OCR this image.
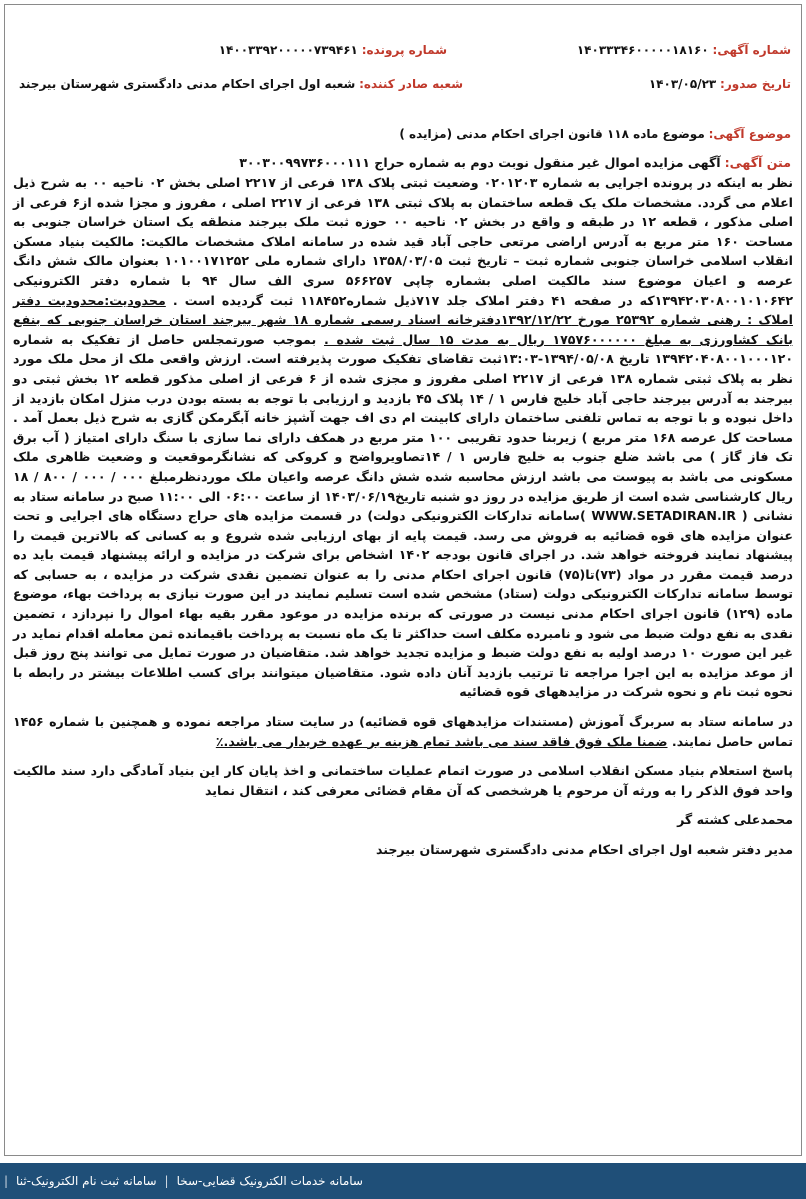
شماره آگهی: ۱۴۰۳۳۳۴۶۰۰۰۰۰۱۸۱۶۰
شماره پرونده: ۱۴۰۰۳۳۹۲۰۰۰۰۰۷۳۹۴۶۱
تاریخ صدور: ۱۴۰۳/۰۵/۲۳
شعبه صادر کننده: شعبه اول اجرای احکام مدنی دادگستری شهرستان بیرجند
موضوع آگهی: موضوع ماده ۱۱۸ قانون اجرای احکام مدنی (مزایده )
متن آگهی: آگهی مزایده اموال غیر منقول نوبت دوم به شماره حراج ۳۰۰۳۰۰۹۹۷۳۶۰۰۰۱۱۱

نظر به اینکه در پرونده اجرایی به شماره ۰۲۰۱۲۰۳ وضعیت ثبتی پلاک ۱۳۸ فرعی از ۲۲۱۷ اصلی بخش ۰۲ ناحیه ۰۰ به شرح ذیل اعلام می گردد. مشخصات ملک یک قطعه ساختمان به پلاک ثبتی ۱۳۸ فرعی از ۲۲۱۷ اصلی ، مفروز و مجزا شده از۶ فرعی از اصلی مذکور ، قطعه ۱۲ در طبقه و واقع در بخش ۰۲ ناحیه ۰۰ حوزه ثبت ملک بیرجند منطقه یک استان خراسان جنوبی به مساحت ۱۶۰ متر مربع به آدرس اراضی مرتعی حاجی آباد قید شده در سامانه املاک مشخصات مالکیت: مالکیت بنیاد مسکن انقلاب اسلامی خراسان جنوبی شماره ثبت – تاریخ ثبت ۱۳۵۸/۰۳/۰۵ دارای شماره ملی ۱۰۱۰۰۱۷۱۲۵۲ بعنوان مالک شش دانگ عرصه و اعیان موضوع سند مالکیت اصلی بشماره چاپی ۵۶۶۲۵۷ سری الف سال ۹۴ با شماره دفتر الکترونیکی ۱۳۹۴۲۰۳۰۸۰۰۱۰۱۰۶۴۲که در صفحه ۴۱ دفتر املاک جلد ۷۱۷ذیل شماره۱۱۸۴۵۲ ثبت گردیده است . محدودیت:محدودیت دفتر املاک : رهنی شماره ۲۵۳۹۲ مورخ ۱۳۹۲/۱۲/۲۲دفترخانه اسناد رسمی شماره ۱۸ شهر بیرجند استان خراسان جنوبی که بنفع بانک کشاورزی به مبلغ ۱۷۵۷۶۰۰۰۰۰۰ ریال به مدت ۱۵ سال ثبت شده . بموجب صورتمجلس حاصل از تفکیک به شماره ۱۳۹۴۲۰۴۰۸۰۰۱۰۰۰۱۲۰ تاریخ ۱۳۹۴/۰۵/۰۸-۱۳:۰۳ثبت تقاضای تفکیک صورت پذیرفته است. ارزش واقعی ملک از محل ملک مورد نظر به پلاک ثبتی شماره ۱۳۸ فرعی از ۲۲۱۷ اصلی مفروز و مجزی شده از ۶ فرعی از اصلی مذکور قطعه ۱۲ بخش ثبتی دو بیرجند به آدرس بیرجند حاجی آباد خلیج فارس ۱ / ۱۴ پلاک ۴۵ بازدید و ارزیابی با توجه به بسته بودن درب منزل امکان بازدید از داخل نبوده و با توجه به تماس تلفنی ساختمان دارای کابینت ام دی اف جهت آشپز خانه آبگرمکن گازی به شرح ذیل بعمل آمد . مساحت کل عرصه ۱۶۸ متر مربع ) زیربنا حدود تقریبی ۱۰۰ متر مربع در همکف دارای نما سازی با سنگ دارای امتیاز ( آب برق تک فاز گاز ) می باشد ضلع جنوب به خلیج فارس ۱ / ۱۴تصاویرواضح و کروکی که نشانگرموقعیت و وضعیت ظاهری ملک مسکونی می باشد به پیوست می باشد ارزش محاسبه شده شش دانگ عرصه واعیان ملک موردنظرمبلغ ۰۰۰ / ۰۰۰ / ۸۰۰ / ۱۸ ریال کارشناسی شده است از طریق مزایده در روز دو شنبه تاریخ۱۴۰۳/۰۶/۱۹ از ساعت ۰۶:۰۰ الی ۱۱:۰۰ صبح در سامانه ستاد به نشانی ( WWW.SETADIRAN.IR )سامانه تدارکات الکترونیکی دولت) در قسمت مزایده های حراج دستگاه های اجرایی و تحت عنوان مزایده های قوه قضائیه به فروش می رسد. قیمت پایه از بهای ارزیابی شده شروع و به کسانی که بالاترین قیمت را پیشنهاد نمایند فروخته خواهد شد. در اجرای قانون بودجه ۱۴۰۲ اشخاص برای شرکت در مزایده و ارائه پیشنهاد قیمت باید ده درصد قیمت مقرر در مواد (۷۳)تا(۷۵) قانون اجرای احکام مدنی را به عنوان تضمین نقدی شرکت در مزایده ، به حسابی که توسط سامانه تدارکات الکترونیکی دولت (ستاد) مشخص شده است تسلیم نمایند در این صورت نیازی به پرداخت بهاء، موضوع ماده (۱۲۹) قانون اجرای احکام مدنی نیست در صورتی که برنده مزایده در موعود مقرر بقیه بهاء اموال را نپردازد ، تضمین نقدی به نفع دولت ضبط می شود و نامبرده مکلف است حداکثر تا یک ماه نسبت به پرداخت باقیمانده ثمن معامله اقدام نماید در غیر این صورت ۱۰ درصد اولیه به نفع دولت ضبط و مزایده تجدید خواهد شد. متقاضیان در صورت تمایل می توانند پنج روز قبل از موعد مزایده به این اجرا مراجعه تا ترتیب بازدید آنان داده شود. متقاضیان میتوانند برای کسب اطلاعات بیشتر در رابطه با نحوه ثبت نام و نحوه شرکت در مزایدههای قوه قضائیه

در سامانه ستاد به سربرگ آموزش (مستندات مزایدههای قوه قضائیه) در سایت ستاد مراجعه نموده و همچنین با شماره ۱۴۵۶ تماس حاصل نمایند. ضمنا ملک فوق فاقد سند می باشد تمام هزینه بر عهده خریدار می باشد.٪

پاسخ استعلام بنیاد مسکن انقلاب اسلامی در صورت اتمام عملیات ساختمانی و اخذ پایان کار این بنیاد آمادگی دارد سند مالکیت واحد فوق الذکر را به ورثه آن مرحوم یا هرشخصی که آن مقام قضائی معرفی کند ، انتقال نماید

محمدعلی کشته گر

مدیر دفتر شعبه اول اجرای احکام مدنی دادگستری شهرستان بیرجند

سامانه خدمات الکترونیک قضایی-سخا
|
سامانه ثبت نام الکترونیک-ثنا
|
